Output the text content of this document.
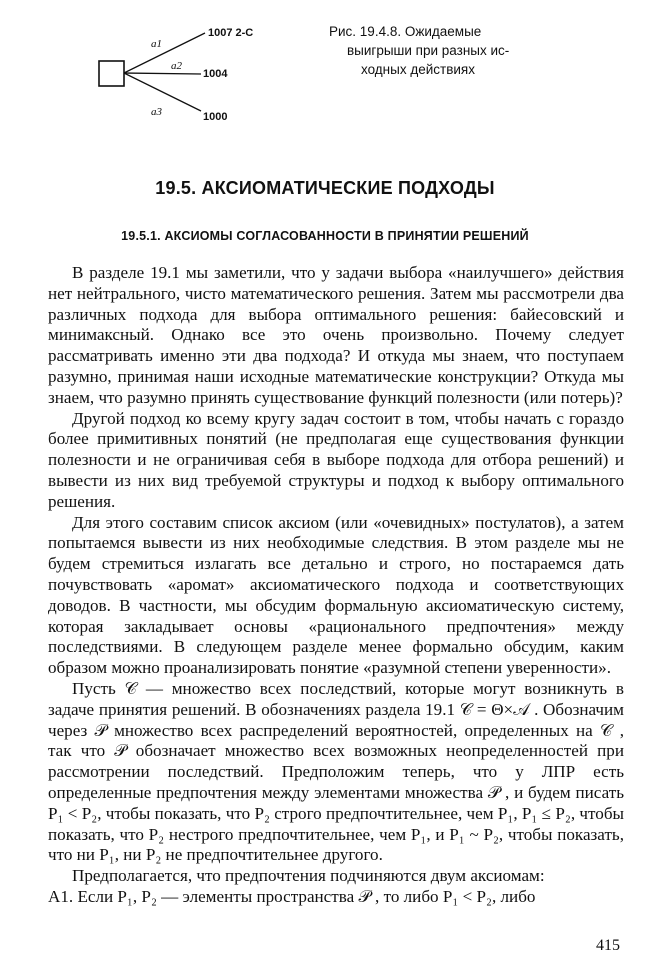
a1
a2
a3
1007 2-C
1004
1000
Рис. 19.4.8. Ожидаемые
выигрыши при разных ис-
ходных действиях
19.5. АКСИОМАТИЧЕСКИЕ ПОДХОДЫ
19.5.1. АКСИОМЫ СОГЛАСОВАННОСТИ В ПРИНЯТИИ РЕШЕНИЙ

В разделе 19.1 мы заметили, что у задачи выбора «наилучшего» действия нет нейтрального, чисто математического решения. Затем мы рассмотрели два различных подхода для выбора оптимального решения: байесовский и минимаксный. Однако все это очень произвольно. Почему следует рассматривать именно эти два подхода? И откуда мы знаем, что поступаем разумно, принимая наши исходные математические конструкции? Откуда мы знаем, что разумно принять существование функций полезности (или потерь)?

Другой подход ко всему кругу задач состоит в том, чтобы начать с гораздо более примитивных понятий (не предполагая еще существования функции полезности и не ограничивая себя в выборе подхода для отбора решений) и вывести из них вид требуемой структуры и подход к выбору оптимального решения.

Для этого составим список аксиом (или «очевидных» постулатов), а затем попытаемся вывести из них необходимые следствия. В этом разделе мы не будем стремиться излагать все детально и строго, но постараемся дать почувствовать «аромат» аксиоматического подхода и соответствующих доводов. В частности, мы обсудим формальную аксиоматическую систему, которая закладывает основы «рационального предпочтения» между последствиями. В следующем разделе менее формально обсудим, каким образом можно проанализировать понятие «разумной степени уверенности».

Пусть 𝒞 — множество всех последствий, которые могут возникнуть в задаче принятия решений. В обозначениях раздела 19.1 𝒞 = Θ×𝒜 . Обозначим через 𝒫 множество всех распределений вероятностей, определенных на 𝒞 , так что 𝒫 обозначает множество всех возможных неопределенностей при рассмотрении последствий. Предположим теперь, что у ЛПР есть определенные предпочтения между элементами множества 𝒫 , и будем писать P₁ < P₂, чтобы показать, что P₂ строго предпочтительнее, чем P₁, P₁ ≤ P₂, чтобы показать, что P₂ нестрого предпочтительнее, чем P₁, и P₁ ~ P₂, чтобы показать, что ни P₁, ни P₂ не предпочтительнее другого.

Предполагается, что предпочтения подчиняются двум аксиомам:

А1. Если P₁, P₂ — элементы пространства 𝒫 , то либо P₁ < P₂, либо

415
